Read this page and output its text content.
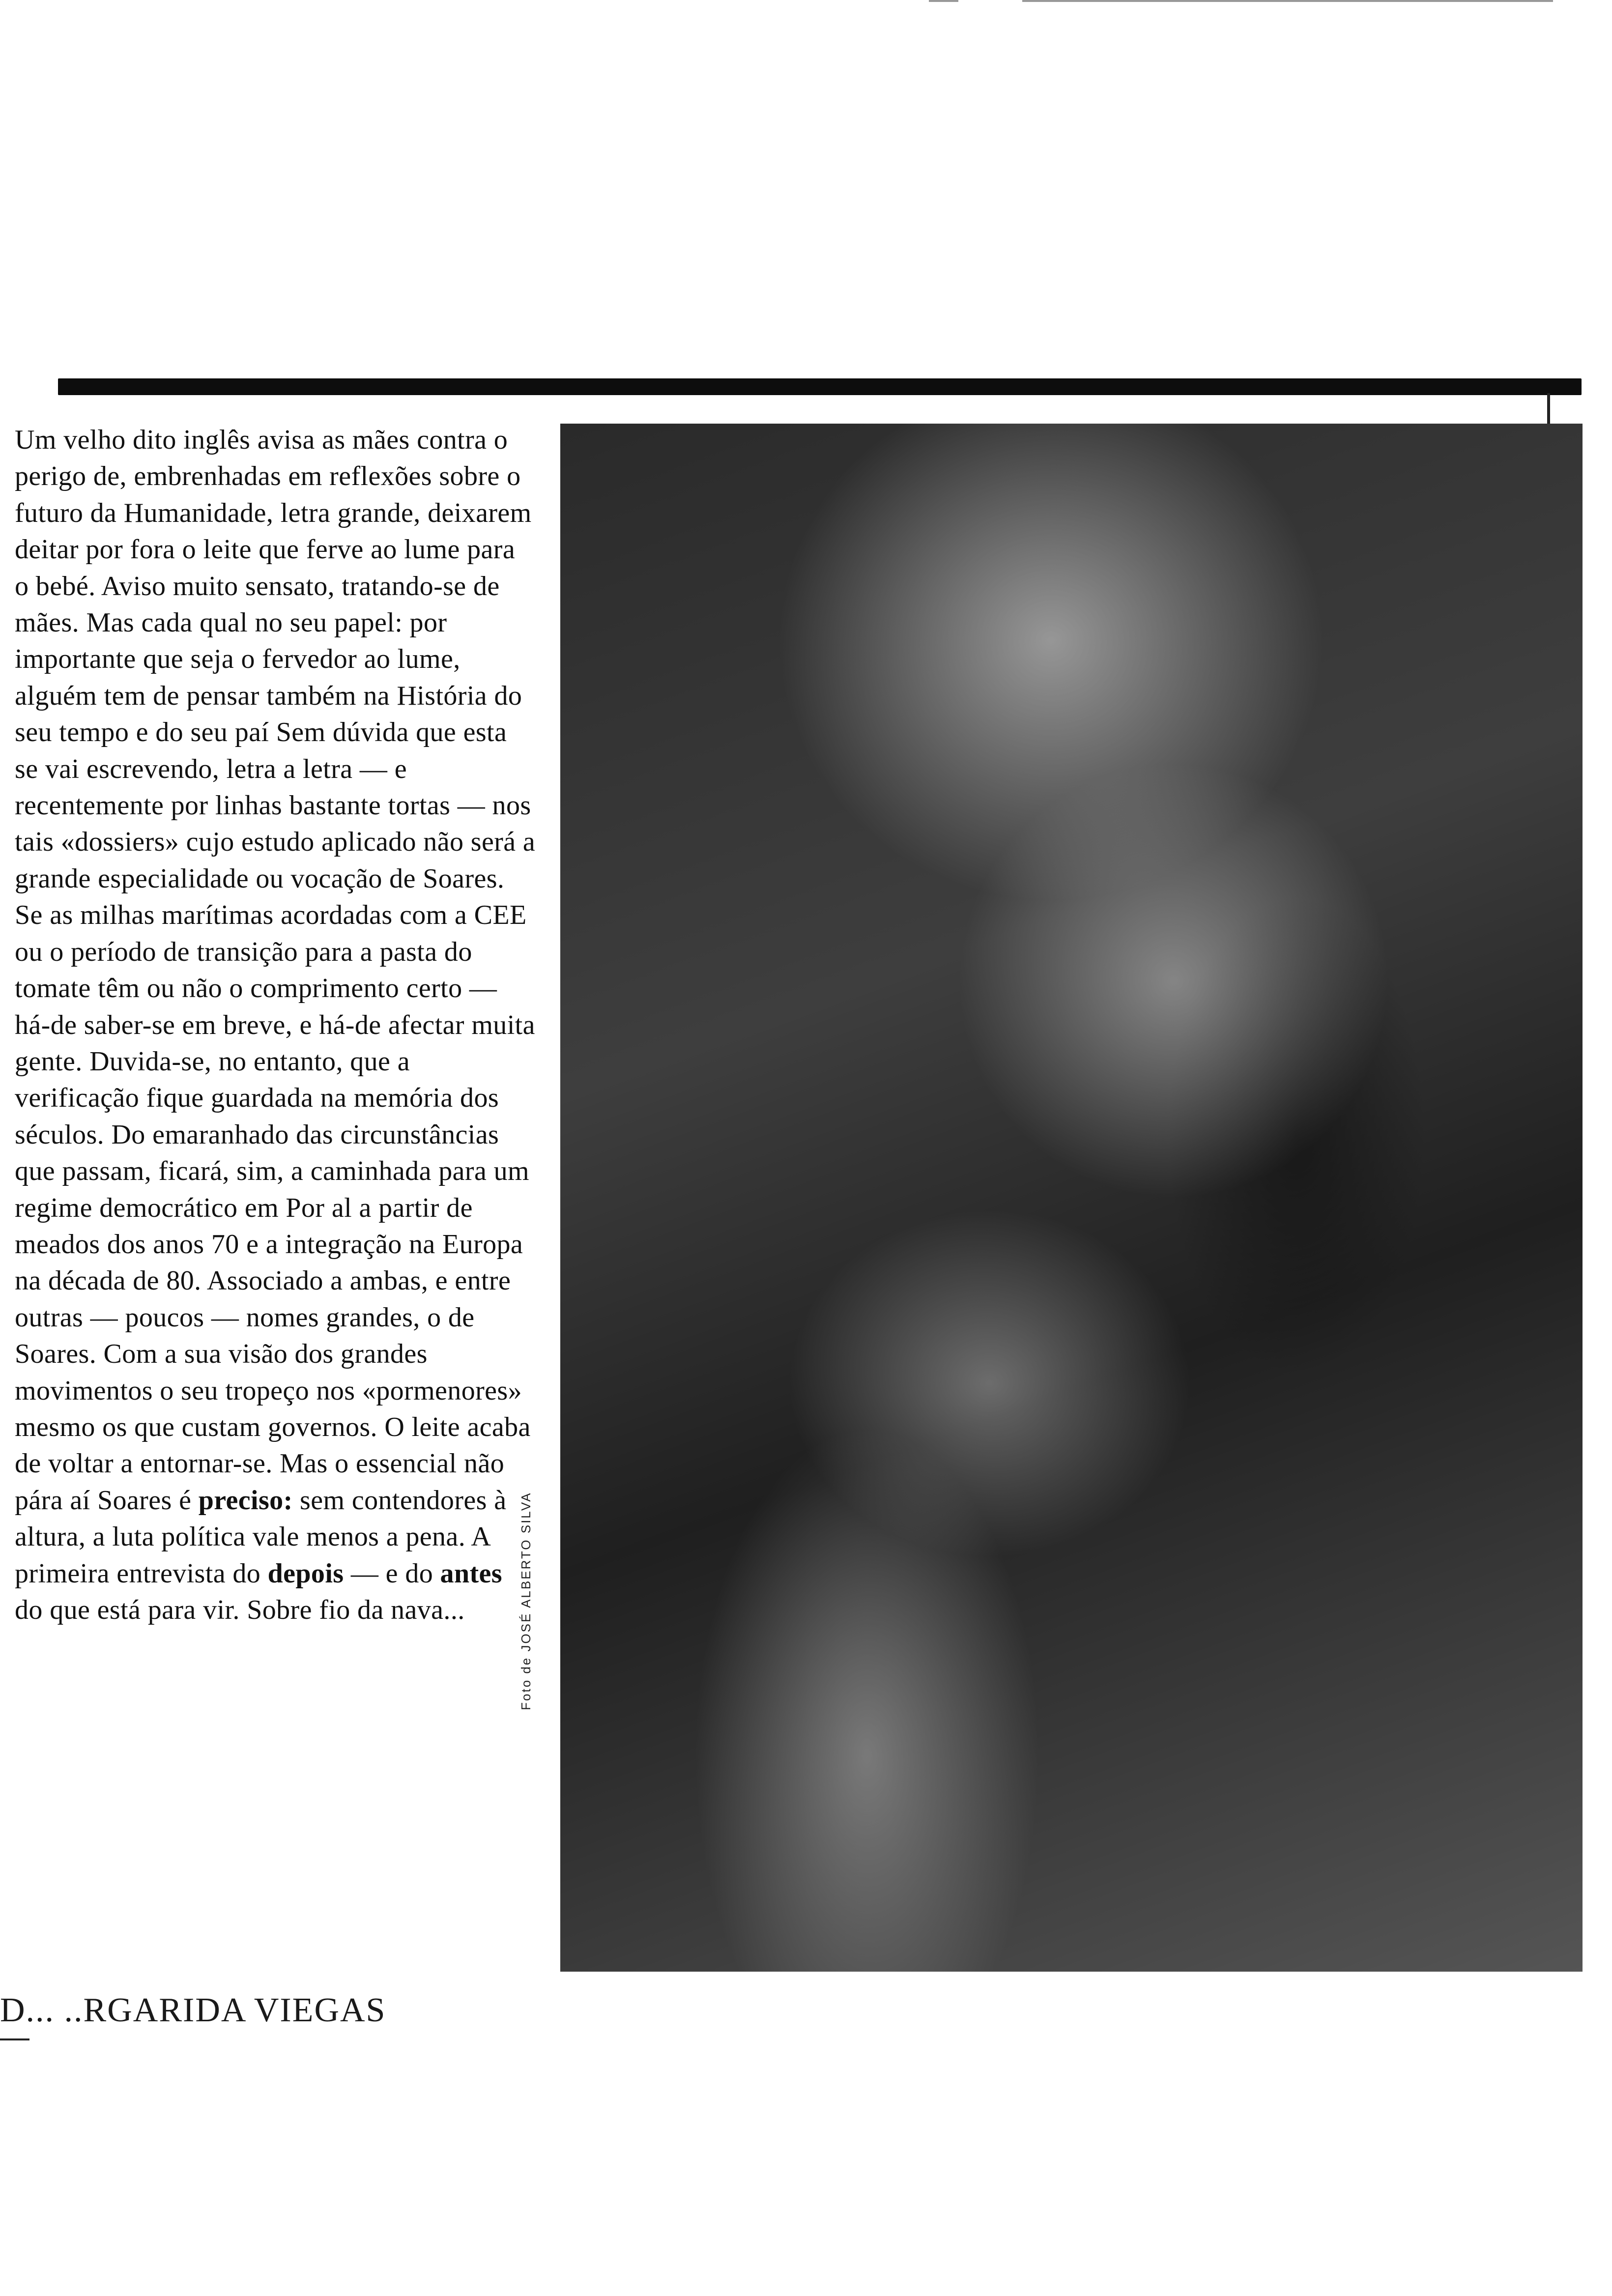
Um velho dito inglês avisa as mães contra o perigo de, embrenhadas em reflexões sobre o futuro da Humanidade, letra grande, deixarem deitar por fora o leite que ferve ao lume para o bebé. Aviso muito sensato, tratando-se de mães. Mas cada qual no seu papel: por importante que seja o fervedor ao lume, alguém tem de pensar também na História do seu tempo e do seu paí Sem dúvida que esta se vai escrevendo, letra a letra — e recentemente por linhas bastante tortas — nos tais «dossiers» cujo estudo aplicado não será a grande especialidade ou vocação de Soares. Se as milhas marítimas acordadas com a CEE ou o período de transição para a pasta do tomate têm ou não o comprimento certo — há-de saber-se em breve, e há-de afectar muita gente. Duvida-se, no entanto, que a verificação fique guardada na memória dos séculos. Do emaranhado das circunstâncias que passam, ficará, sim, a caminhada para um regime democrático em Por al a partir de meados dos anos 70 e a integração na Europa na década de 80. Associado a ambas, e entre outras — poucos — nomes grandes, o de Soares. Com a sua visão dos grandes movimentos o seu tropeço nos «pormenores» mesmo os que custam governos. O leite acaba de voltar a entornar-se. Mas o essencial não pára aí Soares é preciso: sem contendores à altura, a luta política vale menos a pena. A primeira entrevista do depois — e do antes do que está para vir. Sobre fio da nava...	Foto de JOSÉ ALBERTO SILVA
D... ..RGARIDA VIEGAS
